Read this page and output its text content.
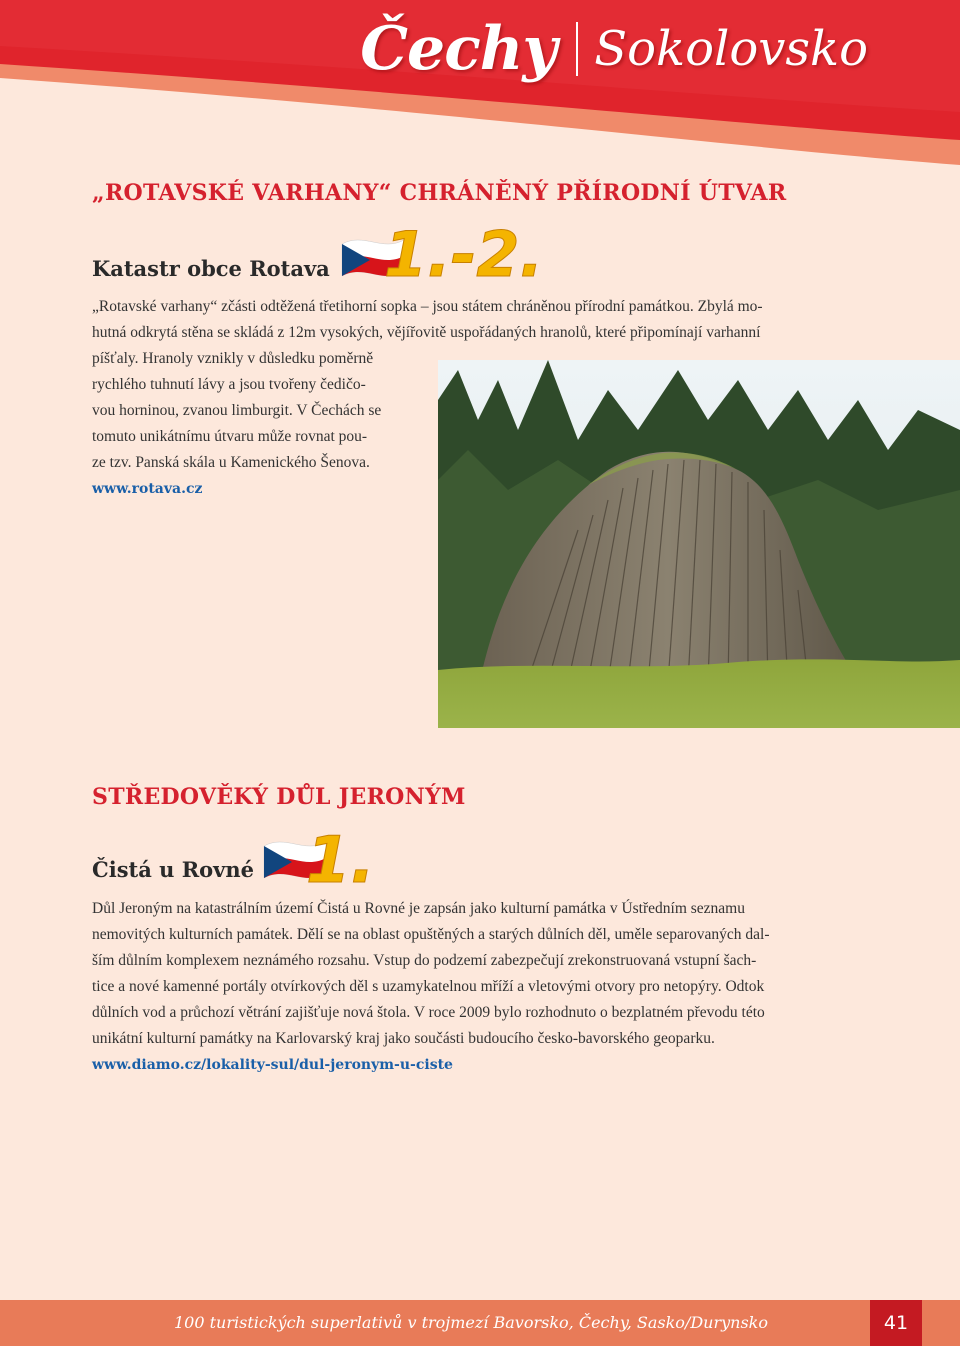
Čechy Sokolovsko
„ROTAVSKÉ VARHANY“ CHRÁNĚNÝ PŘÍRODNÍ ÚTVAR
Katastr obce Rotava 1.-2.
„Rotavské varhany“ zčásti odtěžená třetihorní sopka – jsou státem chráněnou přírodní památkou. Zbylá mo-
hutná odkrytá stěna se skládá z 12m vysokých, vějířovitě uspořádaných hranolů, které připomínají varhanní
píšťaly. Hranoly vznikly v důsledku poměrně
rychlého tuhnutí lávy a jsou tvořeny čedičo-
vou horninou, zvanou limburgit. V Čechách se
tomuto unikátnímu útvaru může rovnat pou-
ze tzv. Panská skála u Kamenického Šenova.
www.rotava.cz
STŘEDOVĚKÝ DŮL JERONÝM
Čistá u Rovné 1.
Důl Jeroným na katastrálním území Čistá u Rovné je zapsán jako kulturní památka v Ústředním seznamu
nemovitých kulturních památek. Dělí se na oblast opuštěných a starých důlních děl, uměle separovaných dal-
ším důlním komplexem neznámého rozsahu. Vstup do podzemí zabezpečují zrekonstruovaná vstupní šach-
tice a nové kamenné portály otvírkových děl s uzamykatelnou mříží a vletovými otvory pro netopýry. Odtok
důlních vod a průchozí větrání zajišťuje nová štola. V roce 2009 bylo rozhodnuto o bezplatném převodu této
unikátní kulturní památky na Karlovarský kraj jako součásti budoucího česko-bavorského geoparku.
www.diamo.cz/lokality-sul/dul-jeronym-u-ciste
100 turistických superlativů v trojmezí Bavorsko, Čechy, Sasko/Durynsko	41
